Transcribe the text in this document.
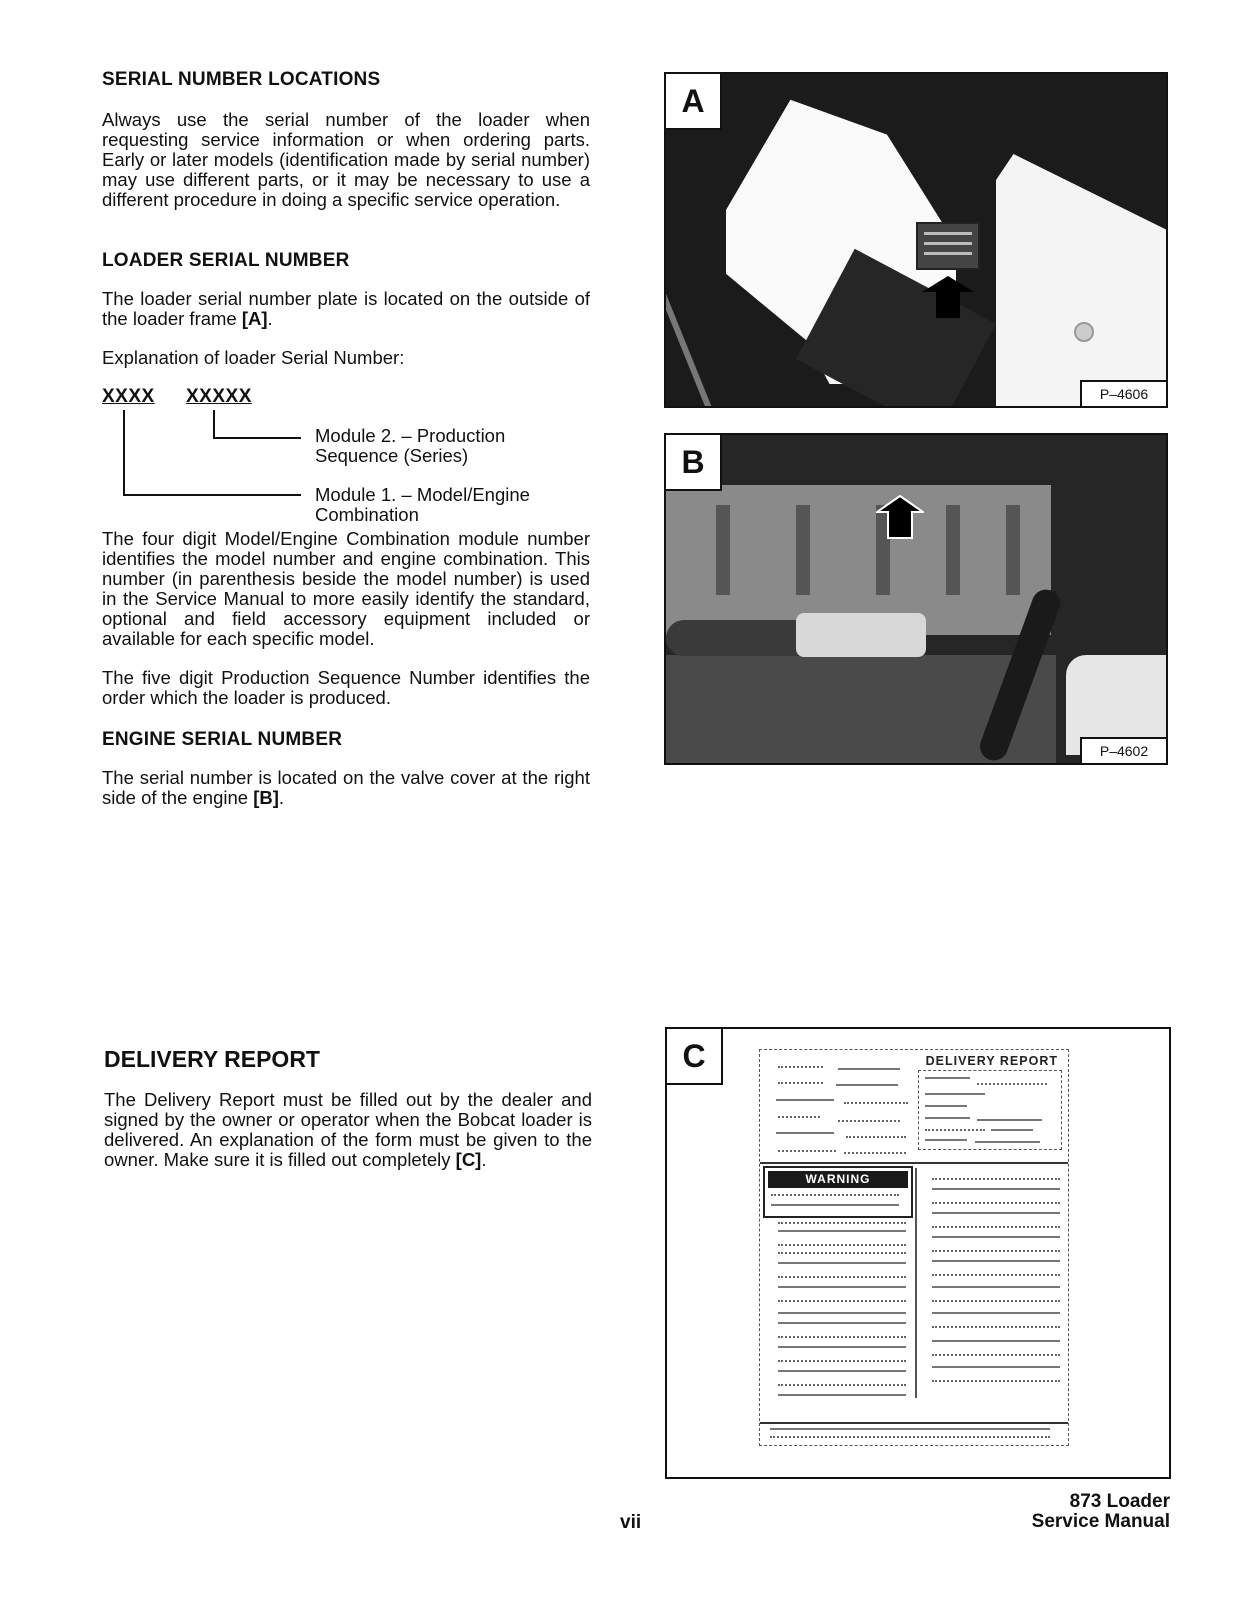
SERIAL NUMBER LOCATIONS
Always use the serial number of the loader when requesting service information or when ordering parts. Early or later models (identification made by serial number) may use different parts, or it may be necessary to use a different procedure in doing a specific service operation.
LOADER SERIAL NUMBER
The loader serial number plate is located on the outside of the loader frame [A].
Explanation of loader Serial Number:
XXXX XXXXX
Module 2. – Production
Sequence (Series)
Module 1. – Model/Engine
Combination
The four digit Model/Engine Combination module number identifies the model number and engine combination. This number (in parenthesis beside the model number) is used in the Service Manual to more easily identify the standard, optional and field accessory equipment included or available for each specific model.
The five digit Production Sequence Number identifies the order which the loader is produced.
ENGINE SERIAL NUMBER
The serial number is located on the valve cover at the right side of the engine [B].
DELIVERY REPORT
The Delivery Report must be filled out by the dealer and signed by the owner or operator when the Bobcat loader is delivered. An explanation of the form must be given to the owner. Make sure it is filled out completely [C].
A
P–4606
B
P–4602
C	DELIVERY REPORT
WARNING
vii
873 Loader
Service Manual
